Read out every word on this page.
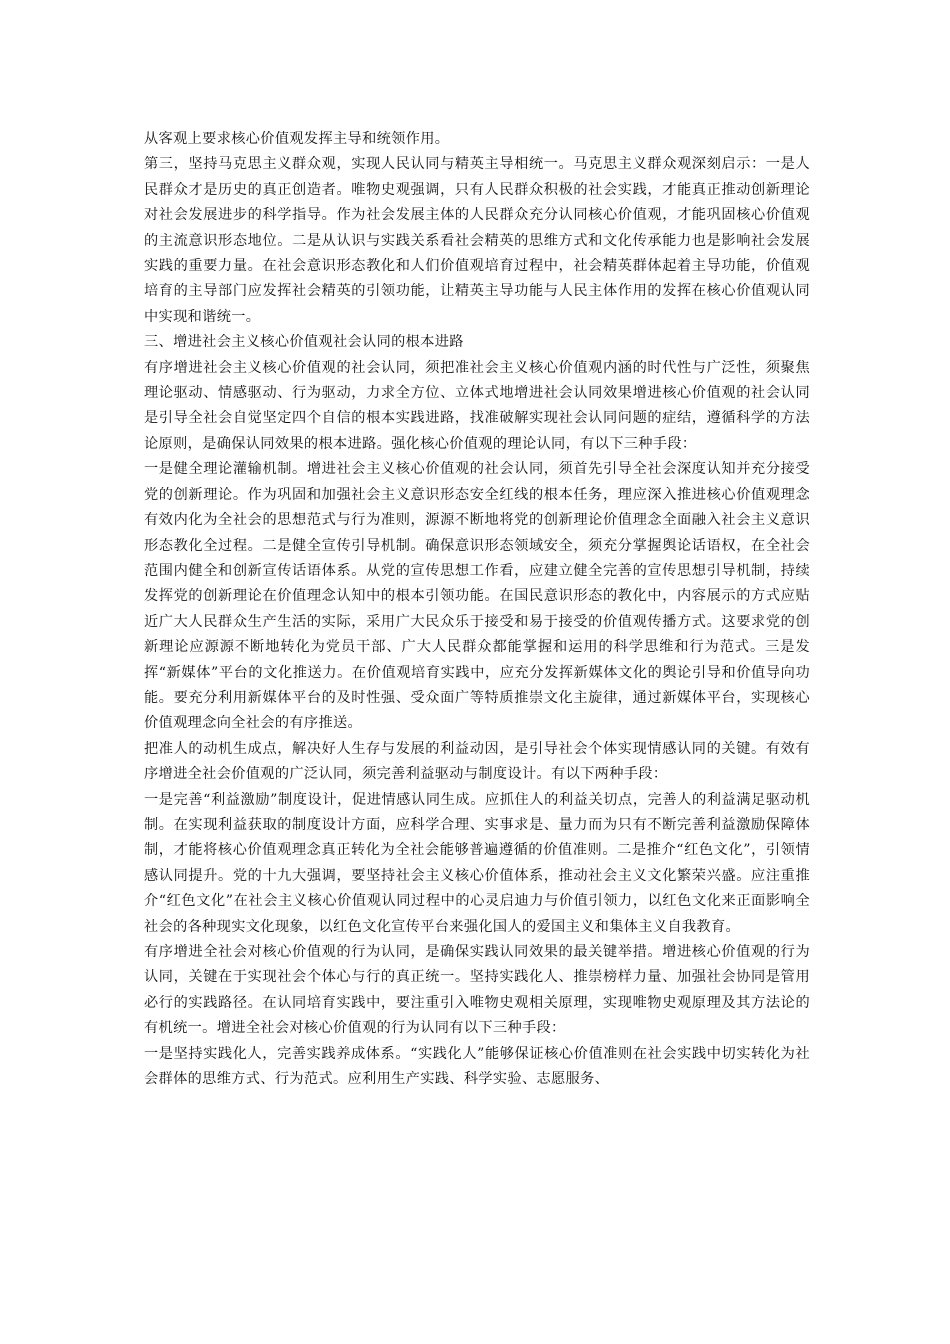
从客观上要求核心价值观发挥主导和统领作用。

第三，坚持马克思主义群众观，实现人民认同与精英主导相统一。马克思主义群众观深刻启示：一是人民群众才是历史的真正创造者。唯物史观强调，只有人民群众积极的社会实践，才能真正推动创新理论对社会发展进步的科学指导。作为社会发展主体的人民群众充分认同核心价值观，才能巩固核心价值观的主流意识形态地位。二是从认识与实践关系看社会精英的思维方式和文化传承能力也是影响社会发展实践的重要力量。在社会意识形态教化和人们价值观培育过程中，社会精英群体起着主导功能，价值观培育的主导部门应发挥社会精英的引领功能，让精英主导功能与人民主体作用的发挥在核心价值观认同中实现和谐统一。

三、增进社会主义核心价值观社会认同的根本进路

有序增进社会主义核心价值观的社会认同，须把准社会主义核心价值观内涵的时代性与广泛性，须聚焦理论驱动、情感驱动、行为驱动，力求全方位、立体式地增进社会认同效果增进核心价值观的社会认同是引导全社会自觉坚定四个自信的根本实践进路，找准破解实现社会认同问题的症结，遵循科学的方法论原则，是确保认同效果的根本进路。强化核心价值观的理论认同，有以下三种手段：

一是健全理论灌输机制。增进社会主义核心价值观的社会认同，须首先引导全社会深度认知并充分接受党的创新理论。作为巩固和加强社会主义意识形态安全红线的根本任务，理应深入推进核心价值观理念有效内化为全社会的思想范式与行为准则，源源不断地将党的创新理论价值理念全面融入社会主义意识形态教化全过程。二是健全宣传引导机制。确保意识形态领域安全，须充分掌握舆论话语权，在全社会范围内健全和创新宣传话语体系。从党的宣传思想工作看，应建立健全完善的宣传思想引导机制，持续发挥党的创新理论在价值理念认知中的根本引领功能。在国民意识形态的教化中，内容展示的方式应贴近广大人民群众生产生活的实际，采用广大民众乐于接受和易于接受的价值观传播方式。这要求党的创新理论应源源不断地转化为党员干部、广大人民群众都能掌握和运用的科学思维和行为范式。三是发挥“新媒体”平台的文化推送力。在价值观培育实践中，应充分发挥新媒体文化的舆论引导和价值导向功能。要充分利用新媒体平台的及时性强、受众面广等特质推崇文化主旋律，通过新媒体平台，实现核心价值观理念向全社会的有序推送。

把准人的动机生成点，解决好人生存与发展的利益动因，是引导社会个体实现情感认同的关键。有效有序增进全社会价值观的广泛认同，须完善利益驱动与制度设计。有以下两种手段：

一是完善“利益激励”制度设计，促进情感认同生成。应抓住人的利益关切点，完善人的利益满足驱动机制。在实现利益获取的制度设计方面，应科学合理、实事求是、量力而为只有不断完善利益激励保障体制，才能将核心价值观理念真正转化为全社会能够普遍遵循的价值准则。二是推介“红色文化”，引领情感认同提升。党的十九大强调，要坚持社会主义核心价值体系，推动社会主义文化繁荣兴盛。应注重推介“红色文化”在社会主义核心价值观认同过程中的心灵启迪力与价值引领力，以红色文化来正面影响全社会的各种现实文化现象，以红色文化宣传平台来强化国人的爱国主义和集体主义自我教育。

有序增进全社会对核心价值观的行为认同，是确保实践认同效果的最关键举措。增进核心价值观的行为认同，关键在于实现社会个体心与行的真正统一。坚持实践化人、推崇榜样力量、加强社会协同是管用必行的实践路径。在认同培育实践中，要注重引入唯物史观相关原理，实现唯物史观原理及其方法论的有机统一。增进全社会对核心价值观的行为认同有以下三种手段：

一是坚持实践化人，完善实践养成体系。“实践化人”能够保证核心价值准则在社会实践中切实转化为社会群体的思维方式、行为范式。应利用生产实践、科学实验、志愿服务、
